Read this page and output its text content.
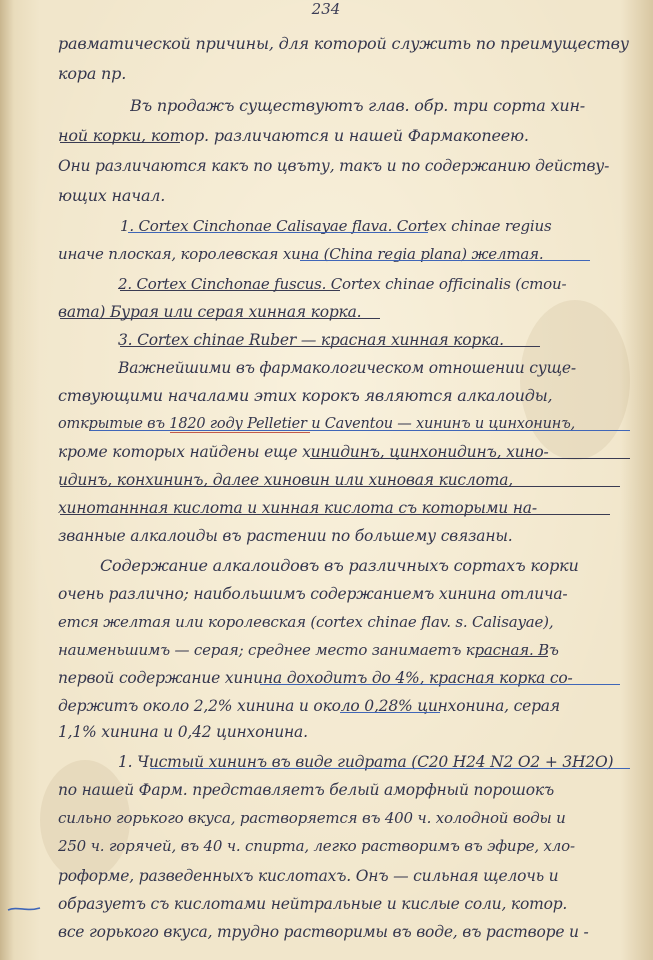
234
равматической причины, для которой служить по преимуществу
кора пр.
Въ продажъ существуютъ глав. обр. три сорта хин-
ной корки, котор. различаются и нашей Фармакопеею.
Они различаются какъ по цвъту, такъ и по содержанию действу-
ющих начал.
1. Cortex Cinchonae Calisayae flava. Cortex chinae regius
иначе плоская, королевская хина (China regia plana) желтая.
2. Cortex Cinchonae fuscus. Cortex chinae officinalis (стои-
вата) Бурая или серая хинная корка.
3. Cortex chinae Ruber — красная хинная корка.
Важнейшими въ фармакологическом отношении суще-
ствующими началами этих корокъ являются алкалоиды,
открытые въ 1820 году Pelletier и Caventou — хининъ и цинхонинъ,
кроме которых найдены еще хинидинъ, цинхонидинъ, хино-
идинъ, конхининъ, далее хиновин или хиновая кислота,
хинотаннная кислота и хинная кислота съ которыми на-
званные алкалоиды въ растении по большему связаны.
Содержание алкалоидовъ въ различныхъ сортахъ корки
очень различно; наибольшимъ содержаниемъ хинина отлича-
ется желтая или королевская (cortex chinae flav. s. Calisayae),
наименьшимъ — серая; среднее место занимаетъ красная. Въ
первой содержание хинина доходитъ до 4%, красная корка со-
держитъ около 2,2% хинина и около 0,28% цинхонина, серая
1,1% хинина и 0,42 цинхонина.
1. Чистый хининъ въ виде гидрата (C20 H24 N2 O2 + 3H2O)
по нашей Фарм. представляетъ белый аморфный порошокъ
сильно горького вкуса, растворяется въ 400 ч. холодной воды и
250 ч. горячей, въ 40 ч. спирта, легко растворимъ въ эфире, хло-
роформе, разведенныхъ кислотахъ. Онъ — сильная щелочь и
образуетъ съ кислотами нейтральные и кислые соли, котор.
все горького вкуса, трудно растворимы въ воде, въ растворе и -
